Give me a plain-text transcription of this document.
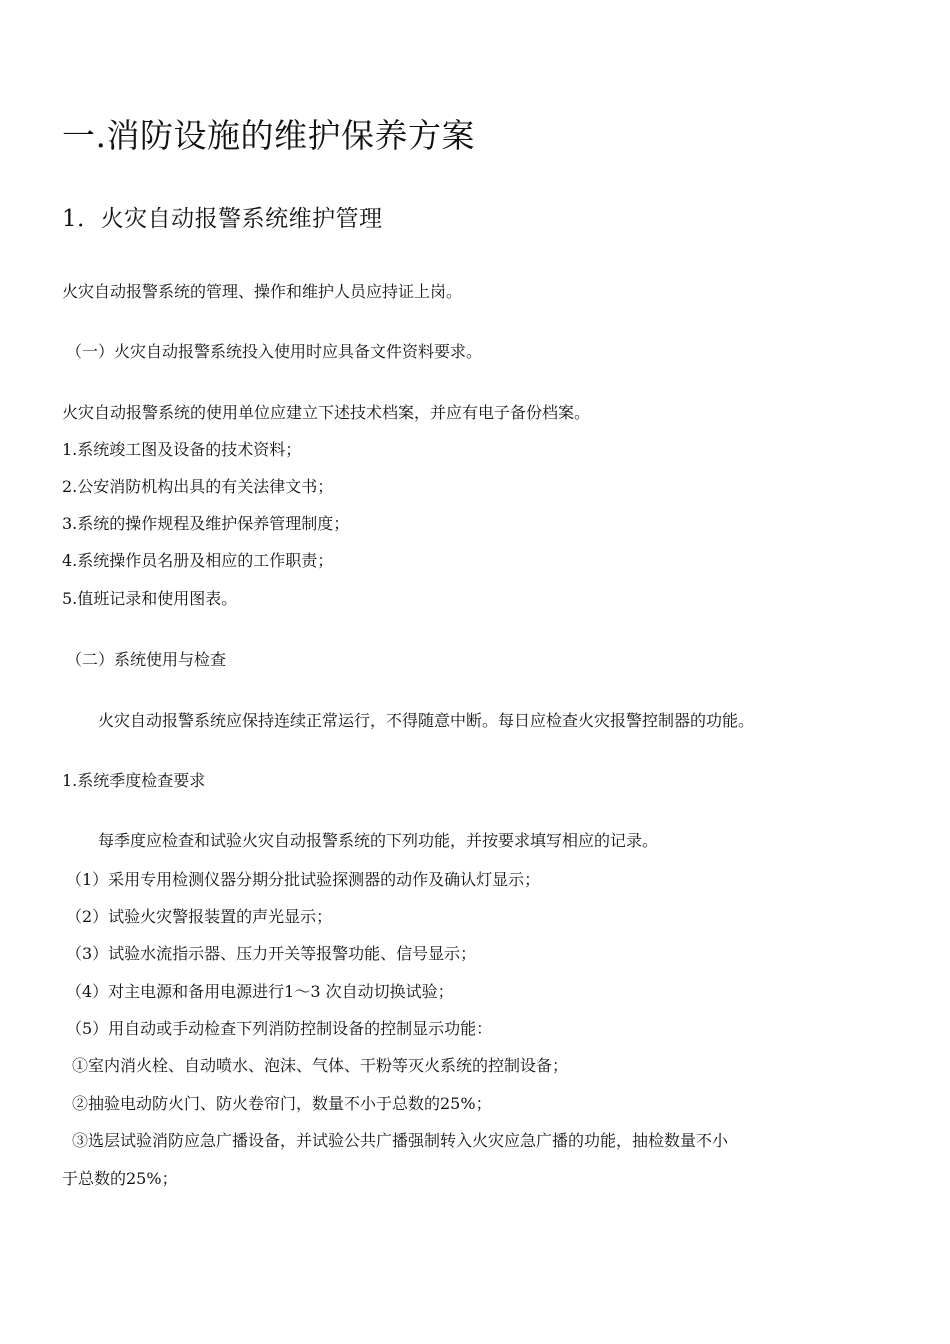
一.消防设施的维护保养方案
1．火灾自动报警系统维护管理
火灾自动报警系统的管理、操作和维护人员应持证上岗。
（一）火灾自动报警系统投入使用时应具备文件资料要求。
火灾自动报警系统的使用单位应建立下述技术档案，并应有电子备份档案。
1.系统竣工图及设备的技术资料；
2.公安消防机构出具的有关法律文书；
3.系统的操作规程及维护保养管理制度；
4.系统操作员名册及相应的工作职责；
5.值班记录和使用图表。
（二）系统使用与检查
火灾自动报警系统应保持连续正常运行，不得随意中断。每日应检查火灾报警控制器的功能。
1.系统季度检查要求
每季度应检查和试验火灾自动报警系统的下列功能，并按要求填写相应的记录。
（1）采用专用检测仪器分期分批试验探测器的动作及确认灯显示；
（2）试验火灾警报装置的声光显示；
（3）试验水流指示器、压力开关等报警功能、信号显示；
（4）对主电源和备用电源进行1～3 次自动切换试验；
（5）用自动或手动检查下列消防控制设备的控制显示功能：
①室内消火栓、自动喷水、泡沫、气体、干粉等灭火系统的控制设备；
②抽验电动防火门、防火卷帘门，数量不小于总数的25%；
③选层试验消防应急广播设备，并试验公共广播强制转入火灾应急广播的功能，抽检数量不小
于总数的25%；
